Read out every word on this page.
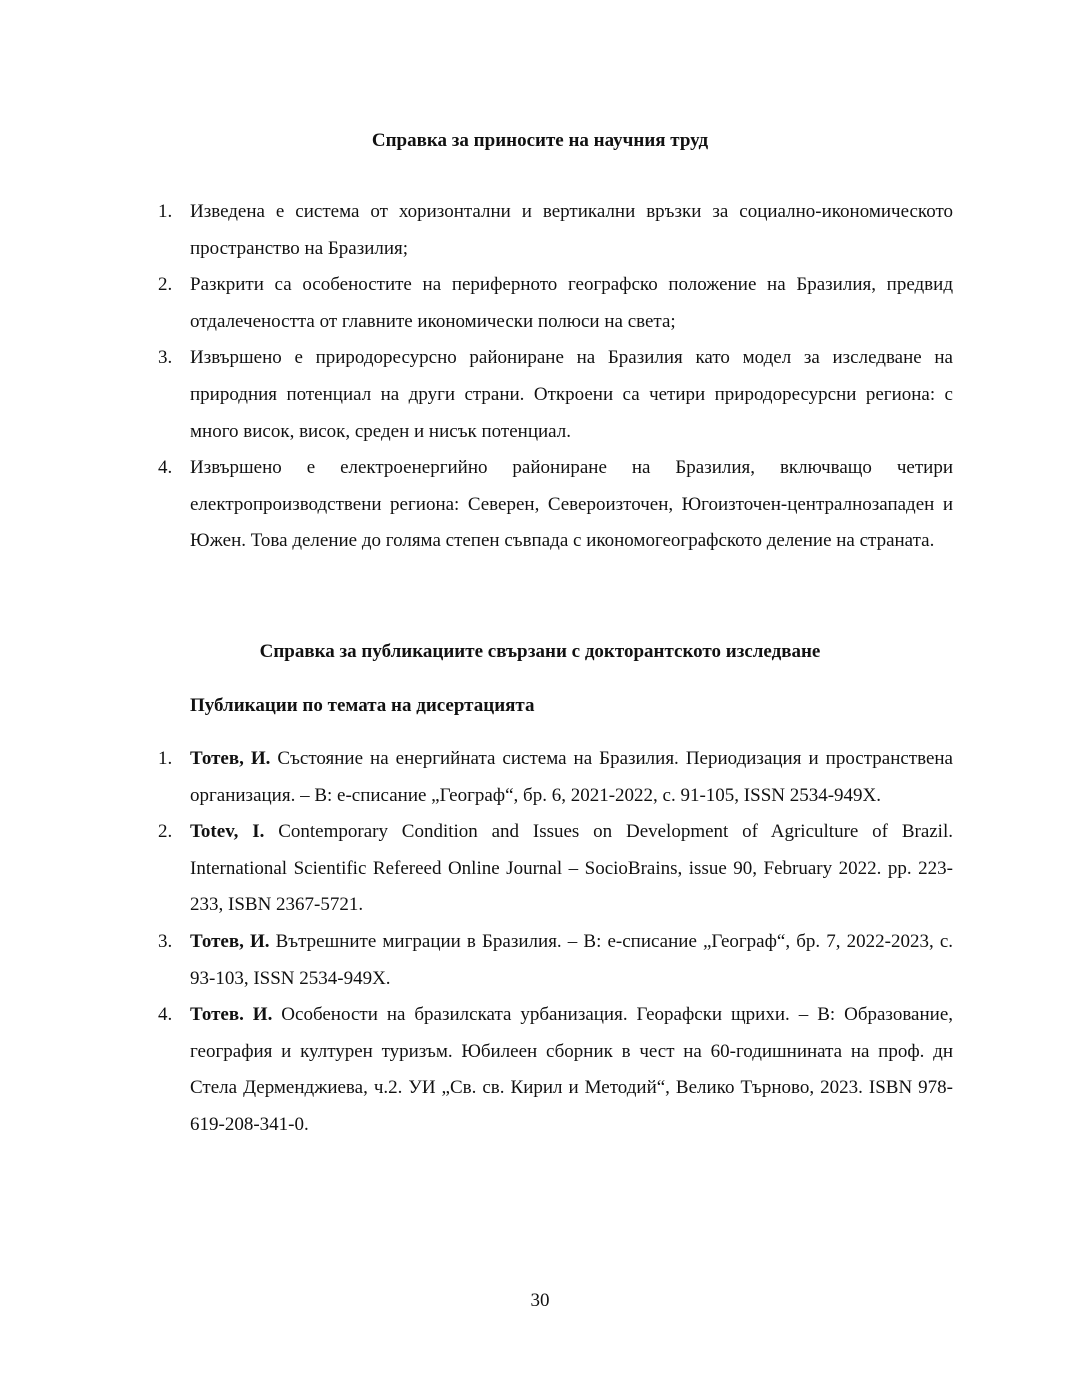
Справка за приносите на научния труд
1. Изведена е система от хоризонтални и вертикални връзки за социално-икономическото пространство на Бразилия;
2. Разкрити са особеностите на периферното географско положение на Бразилия, предвид отдалечеността от главните икономически полюси на света;
3. Извършено е природоресурсно райониране на Бразилия като модел за изследване на природния потенциал на други страни. Откроени са четири природоресурсни региона: с много висок, висок, среден и нисък потенциал.
4. Извършено е електроенергийно райониране на Бразилия, включващо четири електропроизводствени региона: Северен, Североизточен, Югоизточен-централнозападен и Южен. Това деление до голяма степен съвпада с икономогеографското деление на страната.
Справка за публикациите свързани с докторантското изследване
Публикации по темата на дисертацията
1. Тотев, И. Състояние на енергийната система на Бразилия. Периодизация и пространствена организация. – В: е-списание „Географ“, бр. 6, 2021-2022, с. 91-105, ISSN 2534-949Х.
2. Totev, I. Contemporary Condition and Issues on Development of Agriculture of Brazil. International Scientific Refereed Online Journal – SocioBrains, issue 90, February 2022. pp. 223-233, ISBN 2367-5721.
3. Тотев, И. Вътрешните миграции в Бразилия. – В: е-списание „Географ“, бр. 7, 2022-2023, с. 93-103, ISSN 2534-949Х.
4. Тотев. И. Особености на бразилската урбанизация. Георафски щрихи. – В: Образование, география и културен туризъм. Юбилеен сборник в чест на 60-годишнината на проф. дн Стела Дерменджиева, ч.2. УИ „Св. св. Кирил и Методий“, Велико Търново, 2023. ISBN 978-619-208-341-0.
30
